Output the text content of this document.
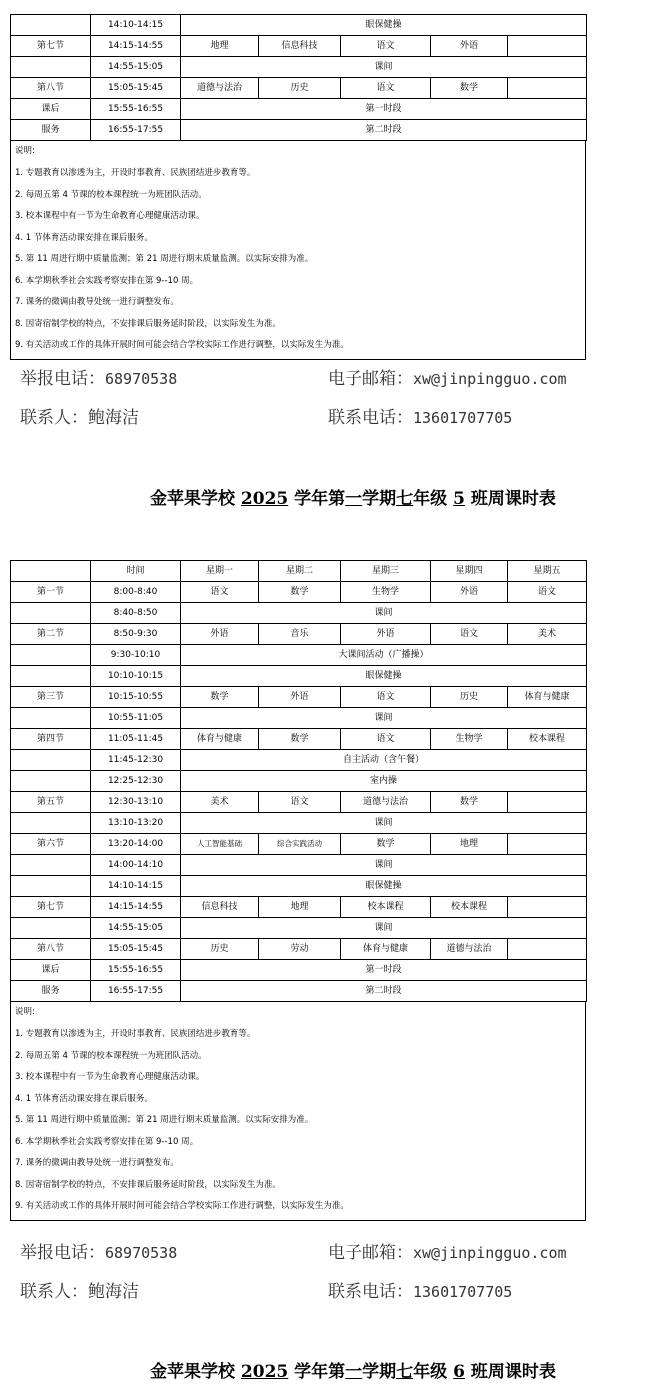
	14:10-14:15	眼保健操				
第七节	14:15-14:55	地理	信息科技	语文	外语	
	14:55-15:05	课间				
第八节	15:05-15:45	道德与法治	历史	语文	数学	
课后	15:55-16:55	第一时段				
服务	16:55-17:55	第二时段				
说明:
1. 专题教育以渗透为主，开设时事教育、民族团结进步教育等。
2. 每周五第 4 节课的校本课程统一为班团队活动。
3. 校本课程中有一节为生命教育心理健康活动课。
4. 1 节体育活动课安排在课后服务。
5. 第 11 周进行期中质量监测；第 21 周进行期末质量监测。以实际安排为准。
6. 本学期秋季社会实践考察安排在第 9--10 周。
7. 课务的微调由教导处统一进行调整发布。
8. 因寄宿制学校的特点，不安排课后服务延时阶段，以实际发生为准。
9. 有关活动或工作的具体开展时间可能会结合学校实际工作进行调整，以实际发生为准。
举报电话：68970538	电子邮箱：xw@jinpingguo.com
联系人：鲍海洁	联系电话：13601707705
金苹果学校 2025 学年第一学期七年级 5 班周课时表
	时间	星期一	星期二	星期三	星期四	星期五
第一节	8:00-8:40	语文	数学	生物学	外语	语文
	8:40-8:50	课间				
第二节	8:50-9:30	外语	音乐	外语	语文	美术
	9:30-10:10	大课间活动（广播操）				
	10:10-10:15	眼保健操				
第三节	10:15-10:55	数学	外语	语文	历史	体育与健康
	10:55-11:05	课间				
第四节	11:05-11:45	体育与健康	数学	语文	生物学	校本课程
	11:45-12:30	自主活动（含午餐）				
	12:25-12:30	室内操				
第五节	12:30-13:10	美术	语文	道德与法治	数学	
	13:10-13:20	课间				
第六节	13:20-14:00	人工智能基础	综合实践活动	数学	地理	
	14:00-14:10	课间				
	14:10-14:15	眼保健操				
第七节	14:15-14:55	信息科技	地理	校本课程	校本课程	
	14:55-15:05	课间				
第八节	15:05-15:45	历史	劳动	体育与健康	道德与法治	
课后	15:55-16:55	第一时段				
服务	16:55-17:55	第二时段				
说明:
1. 专题教育以渗透为主，开设时事教育、民族团结进步教育等。
2. 每周五第 4 节课的校本课程统一为班团队活动。
3. 校本课程中有一节为生命教育心理健康活动课。
4. 1 节体育活动课安排在课后服务。
5. 第 11 周进行期中质量监测；第 21 周进行期末质量监测。以实际安排为准。
6. 本学期秋季社会实践考察安排在第 9--10 周。
7. 课务的微调由教导处统一进行调整发布。
8. 因寄宿制学校的特点，不安排课后服务延时阶段，以实际发生为准。
9. 有关活动或工作的具体开展时间可能会结合学校实际工作进行调整，以实际发生为准。
举报电话：68970538	电子邮箱：xw@jinpingguo.com
联系人：鲍海洁	联系电话：13601707705
金苹果学校 2025 学年第一学期七年级 6 班周课时表
